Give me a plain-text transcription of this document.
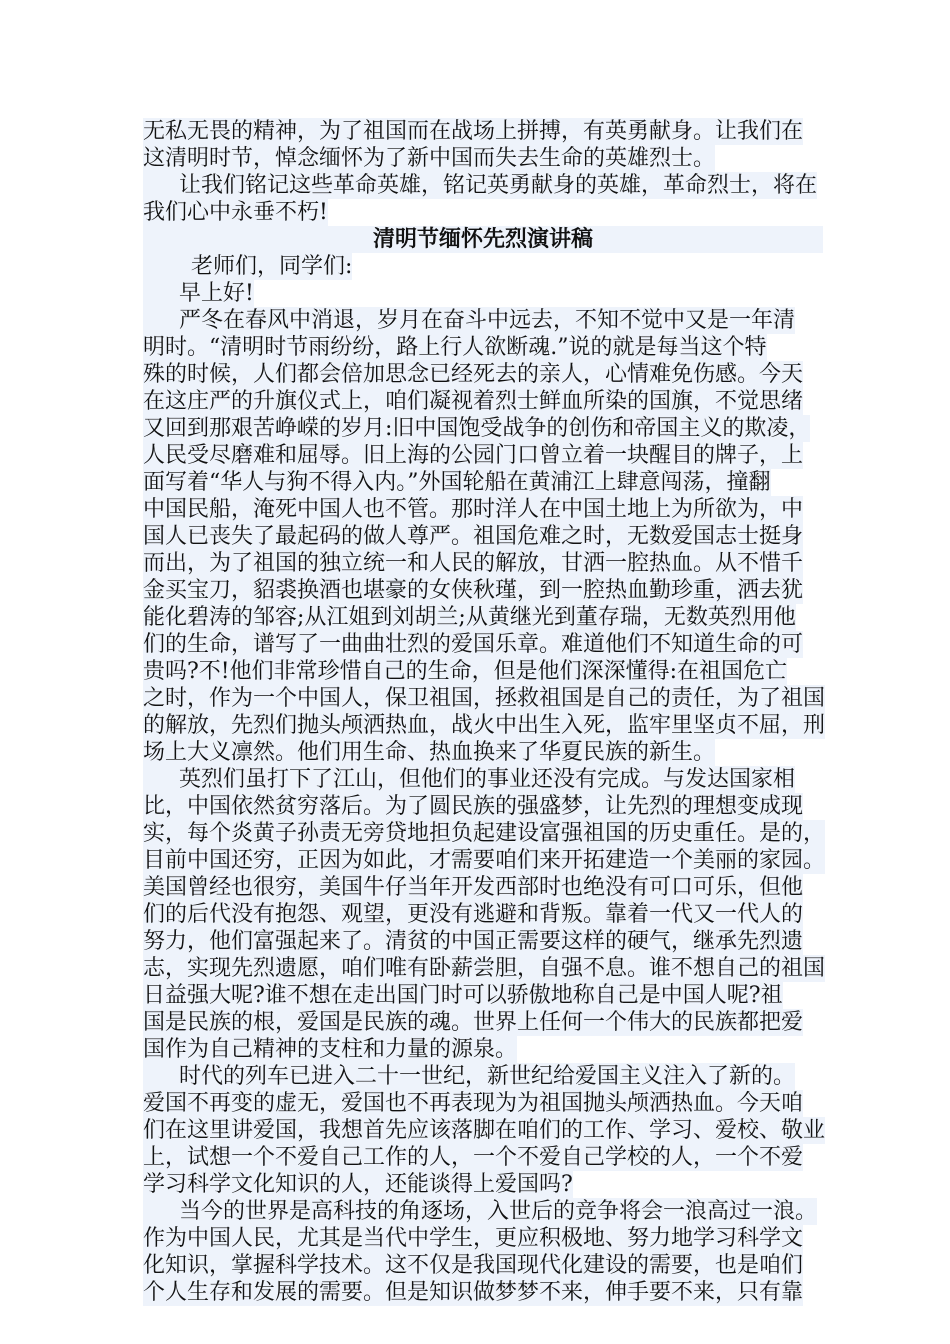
无私无畏的精神，为了祖国而在战场上拼搏，有英勇献身。让我们在
这清明时节，悼念缅怀为了新中国而失去生命的英雄烈士。
让我们铭记这些革命英雄，铭记英勇献身的英雄，革命烈士，将在
我们心中永垂不朽!
清明节缅怀先烈演讲稿
老师们，同学们:
早上好!
严冬在春风中消退，岁月在奋斗中远去，不知不觉中又是一年清
明时。“清明时节雨纷纷，路上行人欲断魂.”说的就是每当这个特
殊的时候，人们都会倍加思念已经死去的亲人，心情难免伤感。今天
在这庄严的升旗仪式上，咱们凝视着烈士鲜血所染的国旗，不觉思绪
又回到那艰苦峥嵘的岁月:旧中国饱受战争的创伤和帝国主义的欺凌，
人民受尽磨难和屈辱。旧上海的公园门口曾立着一块醒目的牌子，上
面写着“华人与狗不得入内。”外国轮船在黄浦江上肆意闯荡，撞翻
中国民船，淹死中国人也不管。那时洋人在中国土地上为所欲为，中
国人已丧失了最起码的做人尊严。祖国危难之时，无数爱国志士挺身
而出，为了祖国的独立统一和人民的解放，甘洒一腔热血。从不惜千
金买宝刀，貂裘换酒也堪豪的女侠秋瑾，到一腔热血勤珍重，洒去犹
能化碧涛的邹容;从江姐到刘胡兰;从黄继光到董存瑞，无数英烈用他
们的生命，谱写了一曲曲壮烈的爱国乐章。难道他们不知道生命的可
贵吗?不!他们非常珍惜自己的生命，但是他们深深懂得:在祖国危亡
之时，作为一个中国人，保卫祖国，拯救祖国是自己的责任，为了祖国
的解放，先烈们抛头颅洒热血，战火中出生入死，监牢里坚贞不屈，刑
场上大义凛然。他们用生命、热血换来了华夏民族的新生。
英烈们虽打下了江山，但他们的事业还没有完成。与发达国家相
比，中国依然贫穷落后。为了圆民族的强盛梦，让先烈的理想变成现
实，每个炎黄子孙责无旁贷地担负起建设富强祖国的历史重任。是的，
目前中国还穷，正因为如此，才需要咱们来开拓建造一个美丽的家园。
美国曾经也很穷，美国牛仔当年开发西部时也绝没有可口可乐，但他
们的后代没有抱怨、观望，更没有逃避和背叛。靠着一代又一代人的
努力，他们富强起来了。清贫的中国正需要这样的硬气，继承先烈遗
志，实现先烈遗愿，咱们唯有卧薪尝胆，自强不息。谁不想自己的祖国
日益强大呢?谁不想在走出国门时可以骄傲地称自己是中国人呢?祖
国是民族的根，爱国是民族的魂。世界上任何一个伟大的民族都把爱
国作为自己精神的支柱和力量的源泉。
时代的列车已进入二十一世纪，新世纪给爱国主义注入了新的。
爱国不再变的虚无，爱国也不再表现为为祖国抛头颅洒热血。今天咱
们在这里讲爱国，我想首先应该落脚在咱们的工作、学习、爱校、敬业
上，试想一个不爱自己工作的人，一个不爱自己学校的人，一个不爱
学习科学文化知识的人，还能谈得上爱国吗?
当今的世界是高科技的角逐场，入世后的竞争将会一浪高过一浪。
作为中国人民，尤其是当代中学生，更应积极地、努力地学习科学文
化知识，掌握科学技术。这不仅是我国现代化建设的需要，也是咱们
个人生存和发展的需要。但是知识做梦梦不来，伸手要不来，只有靠
